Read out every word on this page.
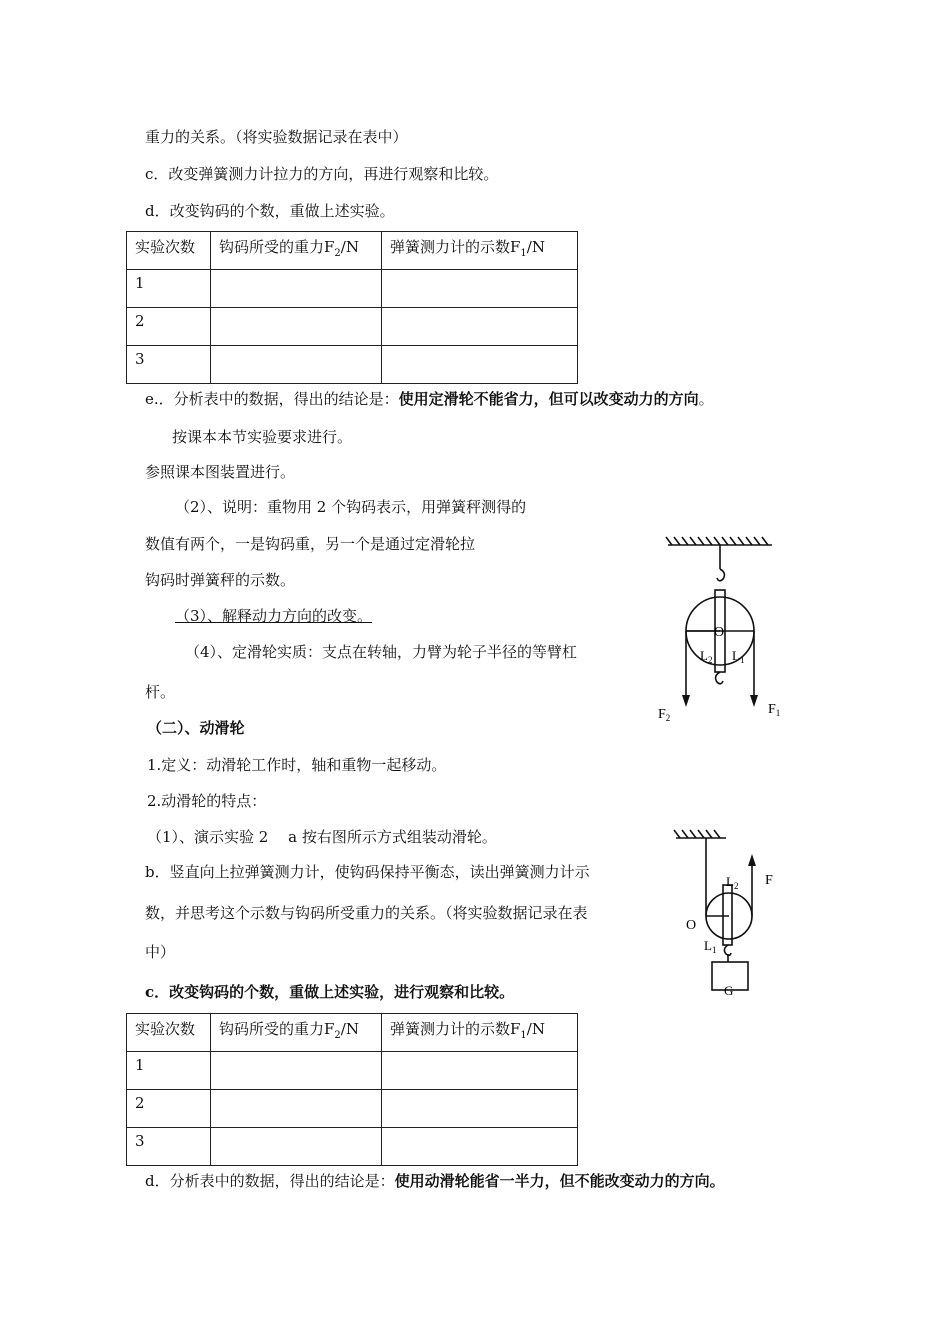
重力的关系。（将实验数据记录在表中）
c．改变弹簧测力计拉力的方向，再进行观察和比较。
d．改变钩码的个数，重做上述实验。
实验次数	钩码所受的重力$F_2/N$	弹簧测力计的示数$F_1/N$
1		
2		
3		
e.．分析表中的数据，得出的结论是：使用定滑轮不能省力，但可以改变动力的方向。
按课本本节实验要求进行。
参照课本图装置进行。
（2）、说明：重物用 2 个钩码表示，用弹簧秤测得的
数值有两个，一是钩码重，另一个是通过定滑轮拉
钩码时弹簧秤的示数。
（3）、解释动力方向的改变。
（4）、定滑轮实质：支点在转轴，力臂为轮子半径的等臂杠
杆。
（二）、动滑轮
1.定义：动滑轮工作时，轴和重物一起移动。
2.动滑轮的特点：
（1）、演示实验 2　 a 按右图所示方式组装动滑轮。
b．竖直向上拉弹簧测力计，使钩码保持平衡态，读出弹簧测力计示
数，并思考这个示数与钩码所受重力的关系。（将实验数据记录在表
中）
c．改变钩码的个数，重做上述实验，进行观察和比较。
实验次数	钩码所受的重力$F_2/N$	弹簧测力计的示数$F_1/N$
1		
2		
3		
d．分析表中的数据，得出的结论是：使用动滑轮能省一半力，但不能改变动力的方向。
O
$L_2$ $L_1$
$F_2$
$F_1$
F
O
$L_2$
$L_1$
G
